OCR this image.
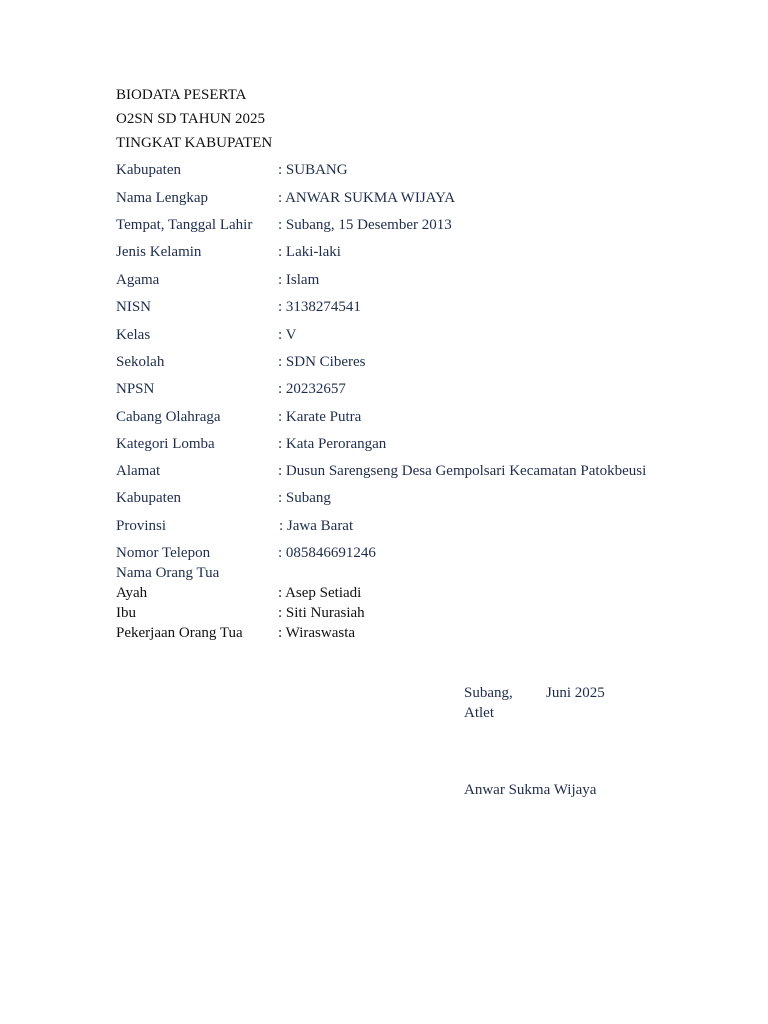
BIODATA PESERTA
O2SN SD TAHUN 2025
TINGKAT KABUPATEN
Kabupaten	: SUBANG
Nama Lengkap	: ANWAR SUKMA WIJAYA
Tempat, Tanggal Lahir : Subang, 15 Desember 2013
Jenis Kelamin	: Laki-laki
Agama	: Islam
NISN	: 3138274541
Kelas	: V
Sekolah	: SDN Ciberes
NPSN	: 20232657
Cabang Olahraga	: Karate Putra
Kategori Lomba	: Kata Perorangan
Alamat	: Dusun Sarengseng Desa Gempolsari Kecamatan Patokbeusi
Kabupaten	: Subang
Provinsi	: Jawa Barat
Nomor Telepon	: 085846691246
Nama Orang Tua
Ayah	: Asep Setiadi
Ibu	: Siti Nurasiah
Pekerjaan Orang Tua : Wiraswasta
Subang, Juni 2025
Atlet
Anwar Sukma Wijaya
